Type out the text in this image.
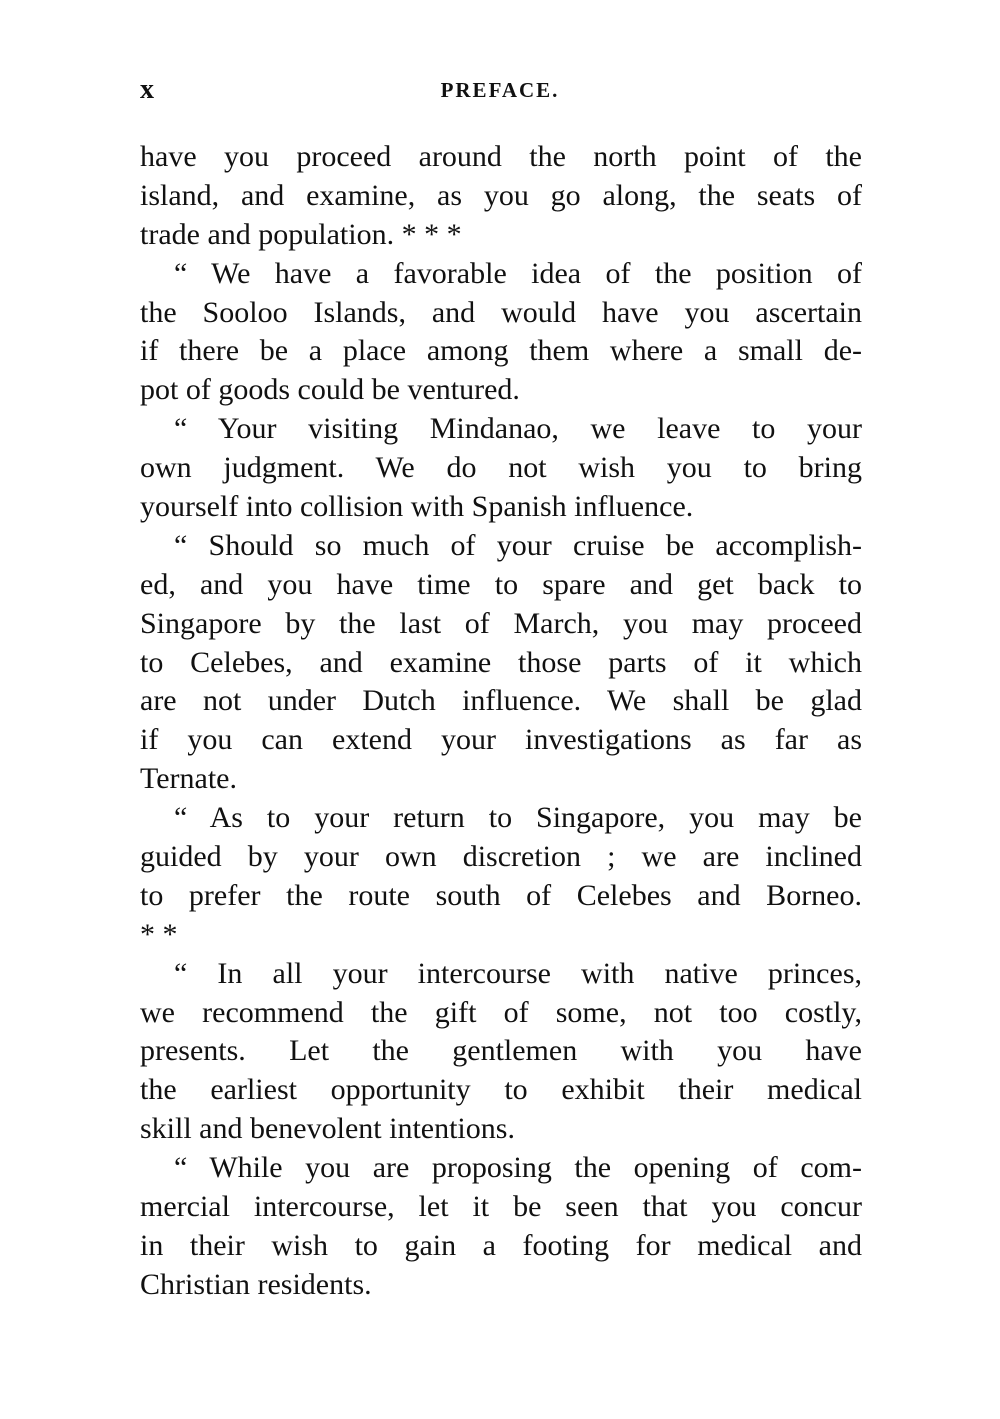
x	PREFACE.
have you proceed around the north point of the
island, and examine, as you go along, the seats of
trade and population. * * *
“ We have a favorable idea of the position of
the Sooloo Islands, and would have you ascertain
if there be a place among them where a small de-
pot of goods could be ventured.
“ Your visiting Mindanao, we leave to your
own judgment. We do not wish you to bring
yourself into collision with Spanish influence.
“ Should so much of your cruise be accomplish-
ed, and you have time to spare and get back to
Singapore by the last of March, you may proceed
to Celebes, and examine those parts of it which
are not under Dutch influence. We shall be glad
if you can extend your investigations as far as
Ternate.
“ As to your return to Singapore, you may be
guided by your own discretion ; we are inclined
to prefer the route south of Celebes and Borneo.
* *
“ In all your intercourse with native princes,
we recommend the gift of some, not too costly,
presents. Let the gentlemen with you have
the earliest opportunity to exhibit their medical
skill and benevolent intentions.
“ While you are proposing the opening of com-
mercial intercourse, let it be seen that you concur
in their wish to gain a footing for medical and
Christian residents.
